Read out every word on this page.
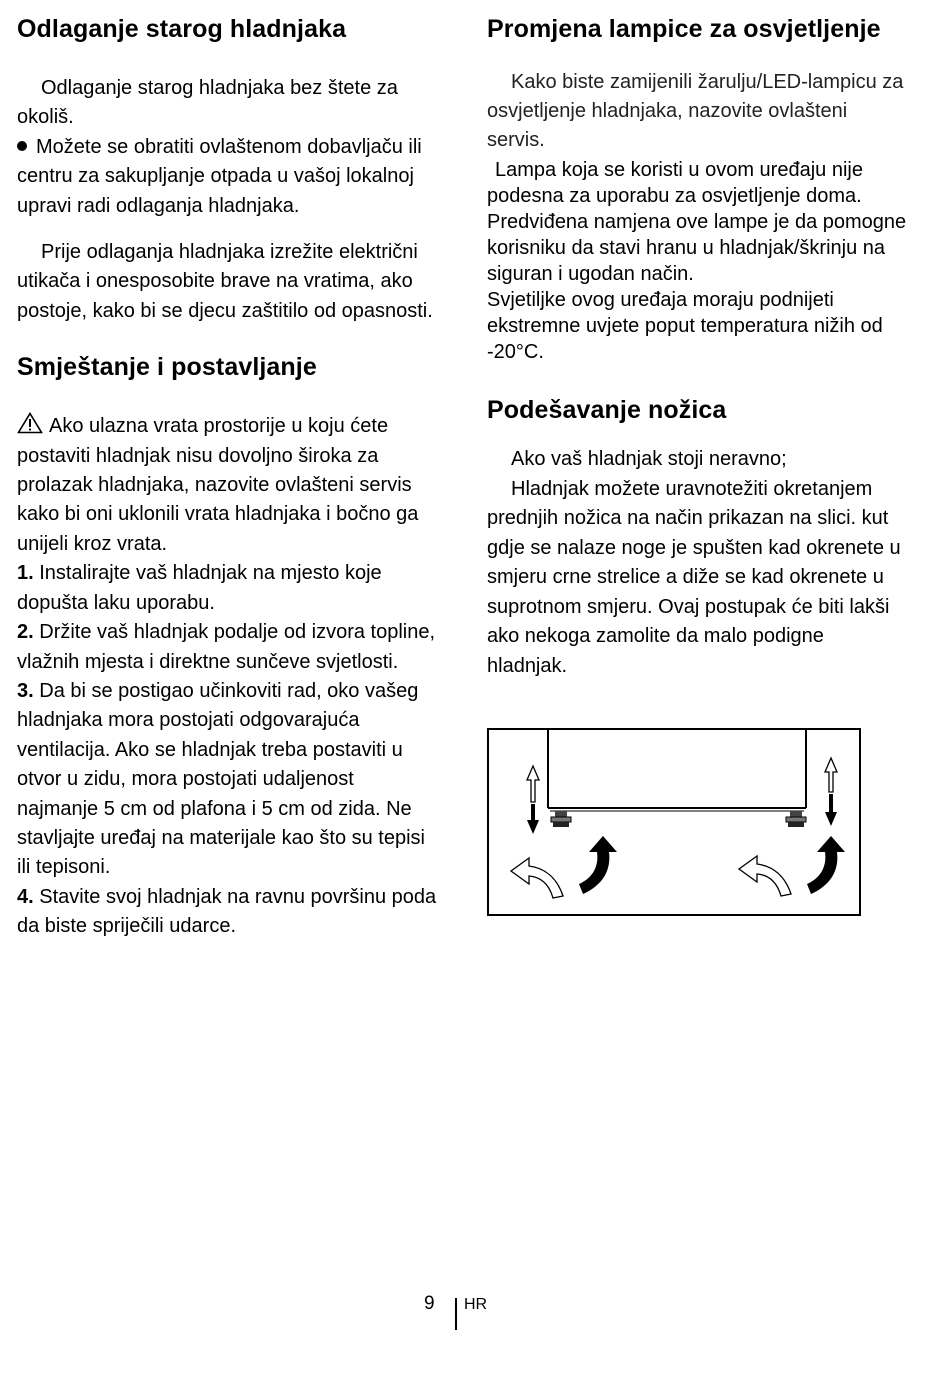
Odlaganje starog hladnjaka

Odlaganje starog hladnjaka bez štete za okoliš.

Možete se obratiti ovlaštenom dobavljaču ili centru za sakupljanje otpada u vašoj lokalnoj upravi radi odlaganja hladnjaka.

Prije odlaganja hladnjaka izrežite električni utikača i onesposobite brave na vratima, ako postoje, kako bi se djecu zaštitilo od opasnosti.

Smještanje i postavljanje

Ako ulazna vrata prostorije u koju ćete postaviti hladnjak nisu dovoljno široka za prolazak hladnjaka, nazovite ovlašteni servis kako bi oni uklonili vrata hladnjaka i bočno ga unijeli kroz vrata.

1. Instalirajte vaš hladnjak na mjesto koje dopušta laku uporabu.

2. Držite vaš hladnjak podalje od izvora topline, vlažnih mjesta i direktne sunčeve svjetlosti.

3. Da bi se postigao učinkoviti rad, oko vašeg hladnjaka mora postojati odgovarajuća ventilacija. Ako se hladnjak treba postaviti u otvor u zidu, mora postojati udaljenost najmanje 5 cm od plafona i 5 cm od zida. Ne stavljajte uređaj na materijale kao što su tepisi ili tepisoni.

4. Stavite svoj hladnjak na ravnu površinu poda da biste spriječili udarce.

Promjena lampice za osvjetljenje

Kako biste zamijenili žarulju/LED-lampicu za osvjetljenje hladnjaka, nazovite ovlašteni servis.

Lampa koja se koristi u ovom uređaju nije podesna za uporabu za osvjetljenje doma. Predviđena namjena ove lampe je da pomogne korisniku da stavi hranu u hladnjak/škrinju na siguran i ugodan način.

Svjetiljke ovog uređaja moraju podnijeti ekstremne uvjete poput temperatura nižih od -20°C.

Podešavanje nožica

Ako vaš hladnjak stoji neravno;

Hladnjak možete uravnotežiti okretanjem prednjih nožica na način prikazan na slici. kut gdje se nalaze noge je spušten kad okrenete u smjeru crne strelice a diže se kad okrenete u suprotnom smjeru. Ovaj postupak će biti lakši ako nekoga zamolite da malo podigne hladnjak.

9 HR
